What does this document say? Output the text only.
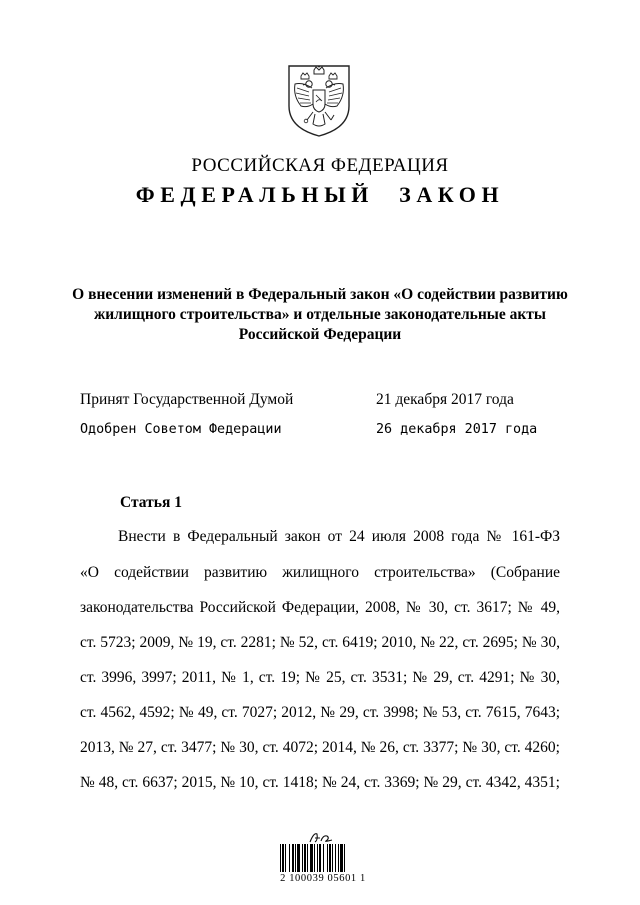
РОССИЙСКАЯ ФЕДЕРАЦИЯ
ФЕДЕРАЛЬНЫЙ ЗАКОН
О внесении изменений в Федеральный закон «О содействии развитию
жилищного строительства» и отдельные законодательные акты
Российской Федерации
Принят Государственной Думой	21 декабря 2017 года
Одобрен Советом Федерации	26 декабря 2017 года
Статья 1
Внести в Федеральный закон от 24 июля 2008 года № 161-ФЗ
«О содействии развитию жилищного строительства» (Собрание
законодательства Российской Федерации, 2008, № 30, ст. 3617; № 49,
ст. 5723; 2009, № 19, ст. 2281; № 52, ст. 6419; 2010, № 22, ст. 2695; № 30,
ст. 3996, 3997; 2011, № 1, ст. 19; № 25, ст. 3531; № 29, ст. 4291; № 30,
ст. 4562, 4592; № 49, ст. 7027; 2012, № 29, ст. 3998; № 53, ст. 7615, 7643;
2013, № 27, ст. 3477; № 30, ст. 4072; 2014, № 26, ст. 3377; № 30, ст. 4260;
№ 48, ст. 6637; 2015, № 10, ст. 1418; № 24, ст. 3369; № 29, ст. 4342, 4351;
2 100039 05601 1
